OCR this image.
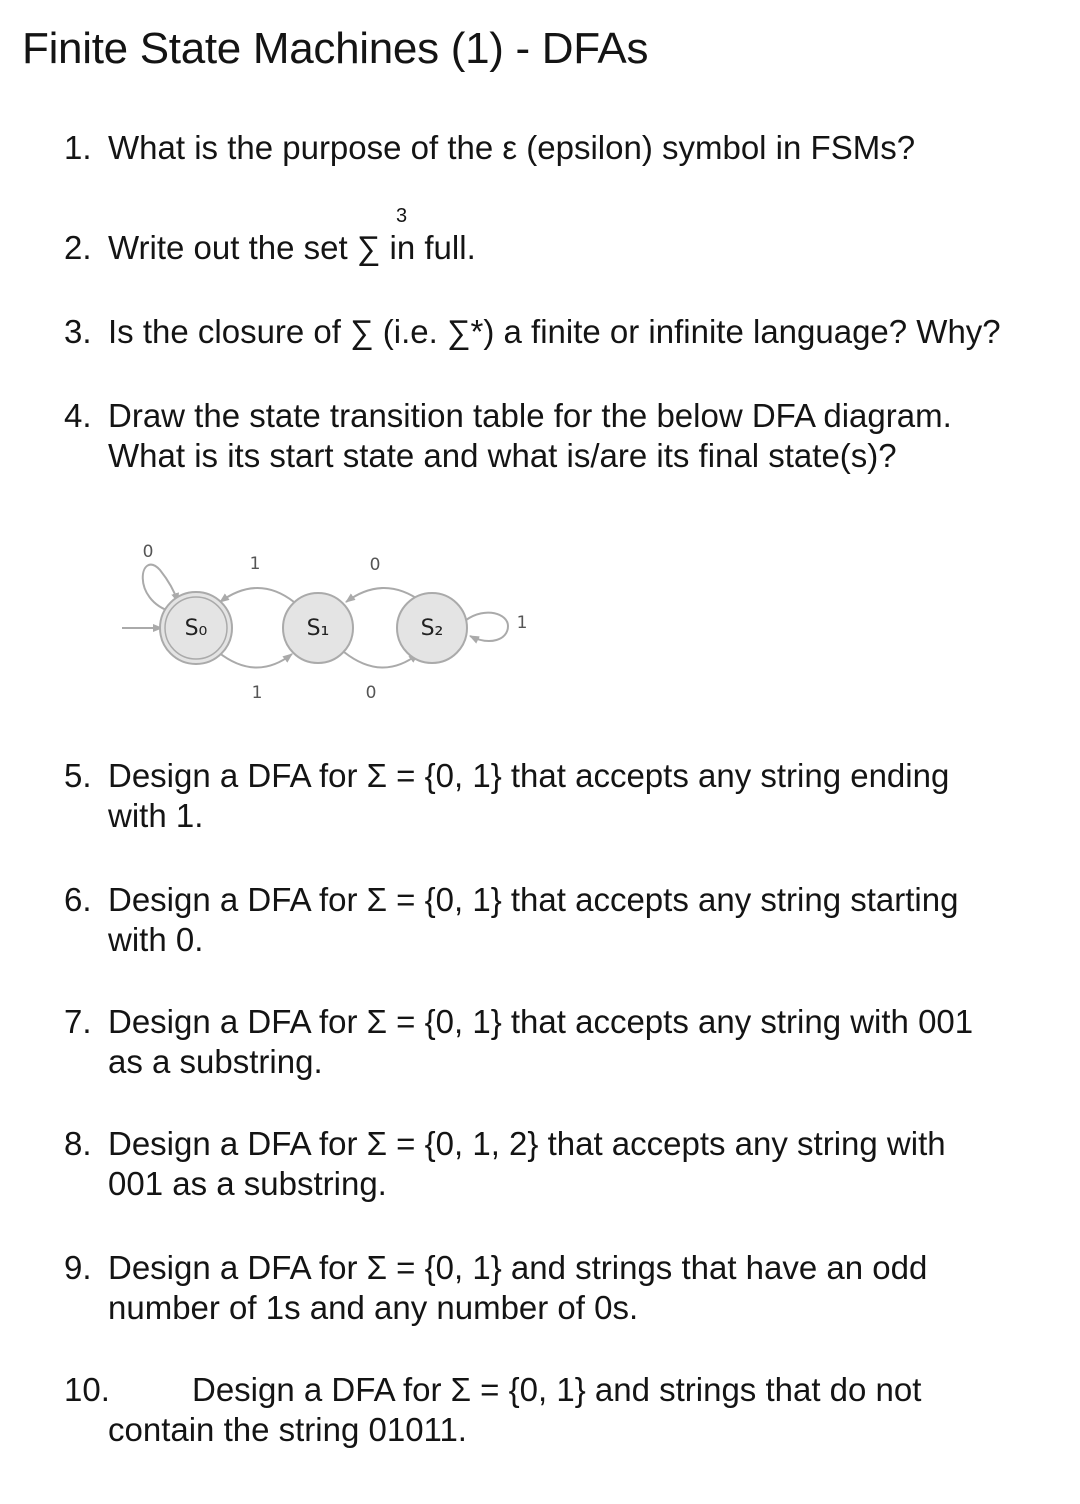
Finite State Machines (1) - DFAs
1. What is the purpose of the ε (epsilon) symbol in FSMs?
2. Write out the set ∑ in full.
3
3. Is the closure of ∑ (i.e. ∑*) a finite or infinite language? Why?
4. Draw the state transition table for the below DFA diagram.
What is its start state and what is/are its final state(s)?
S₀	S₁	S₂
0
1	0
1	0
1
5. Design a DFA for Σ = {0, 1} that accepts any string ending
with 1.
6. Design a DFA for Σ = {0, 1} that accepts any string starting
with 0.
7. Design a DFA for Σ = {0, 1} that accepts any string with 001
as a substring.
8. Design a DFA for Σ = {0, 1, 2} that accepts any string with
001 as a substring.
9. Design a DFA for Σ = {0, 1} and strings that have an odd
number of 1s and any number of 0s.
10. Design a DFA for Σ = {0, 1} and strings that do not
contain the string 01011.
